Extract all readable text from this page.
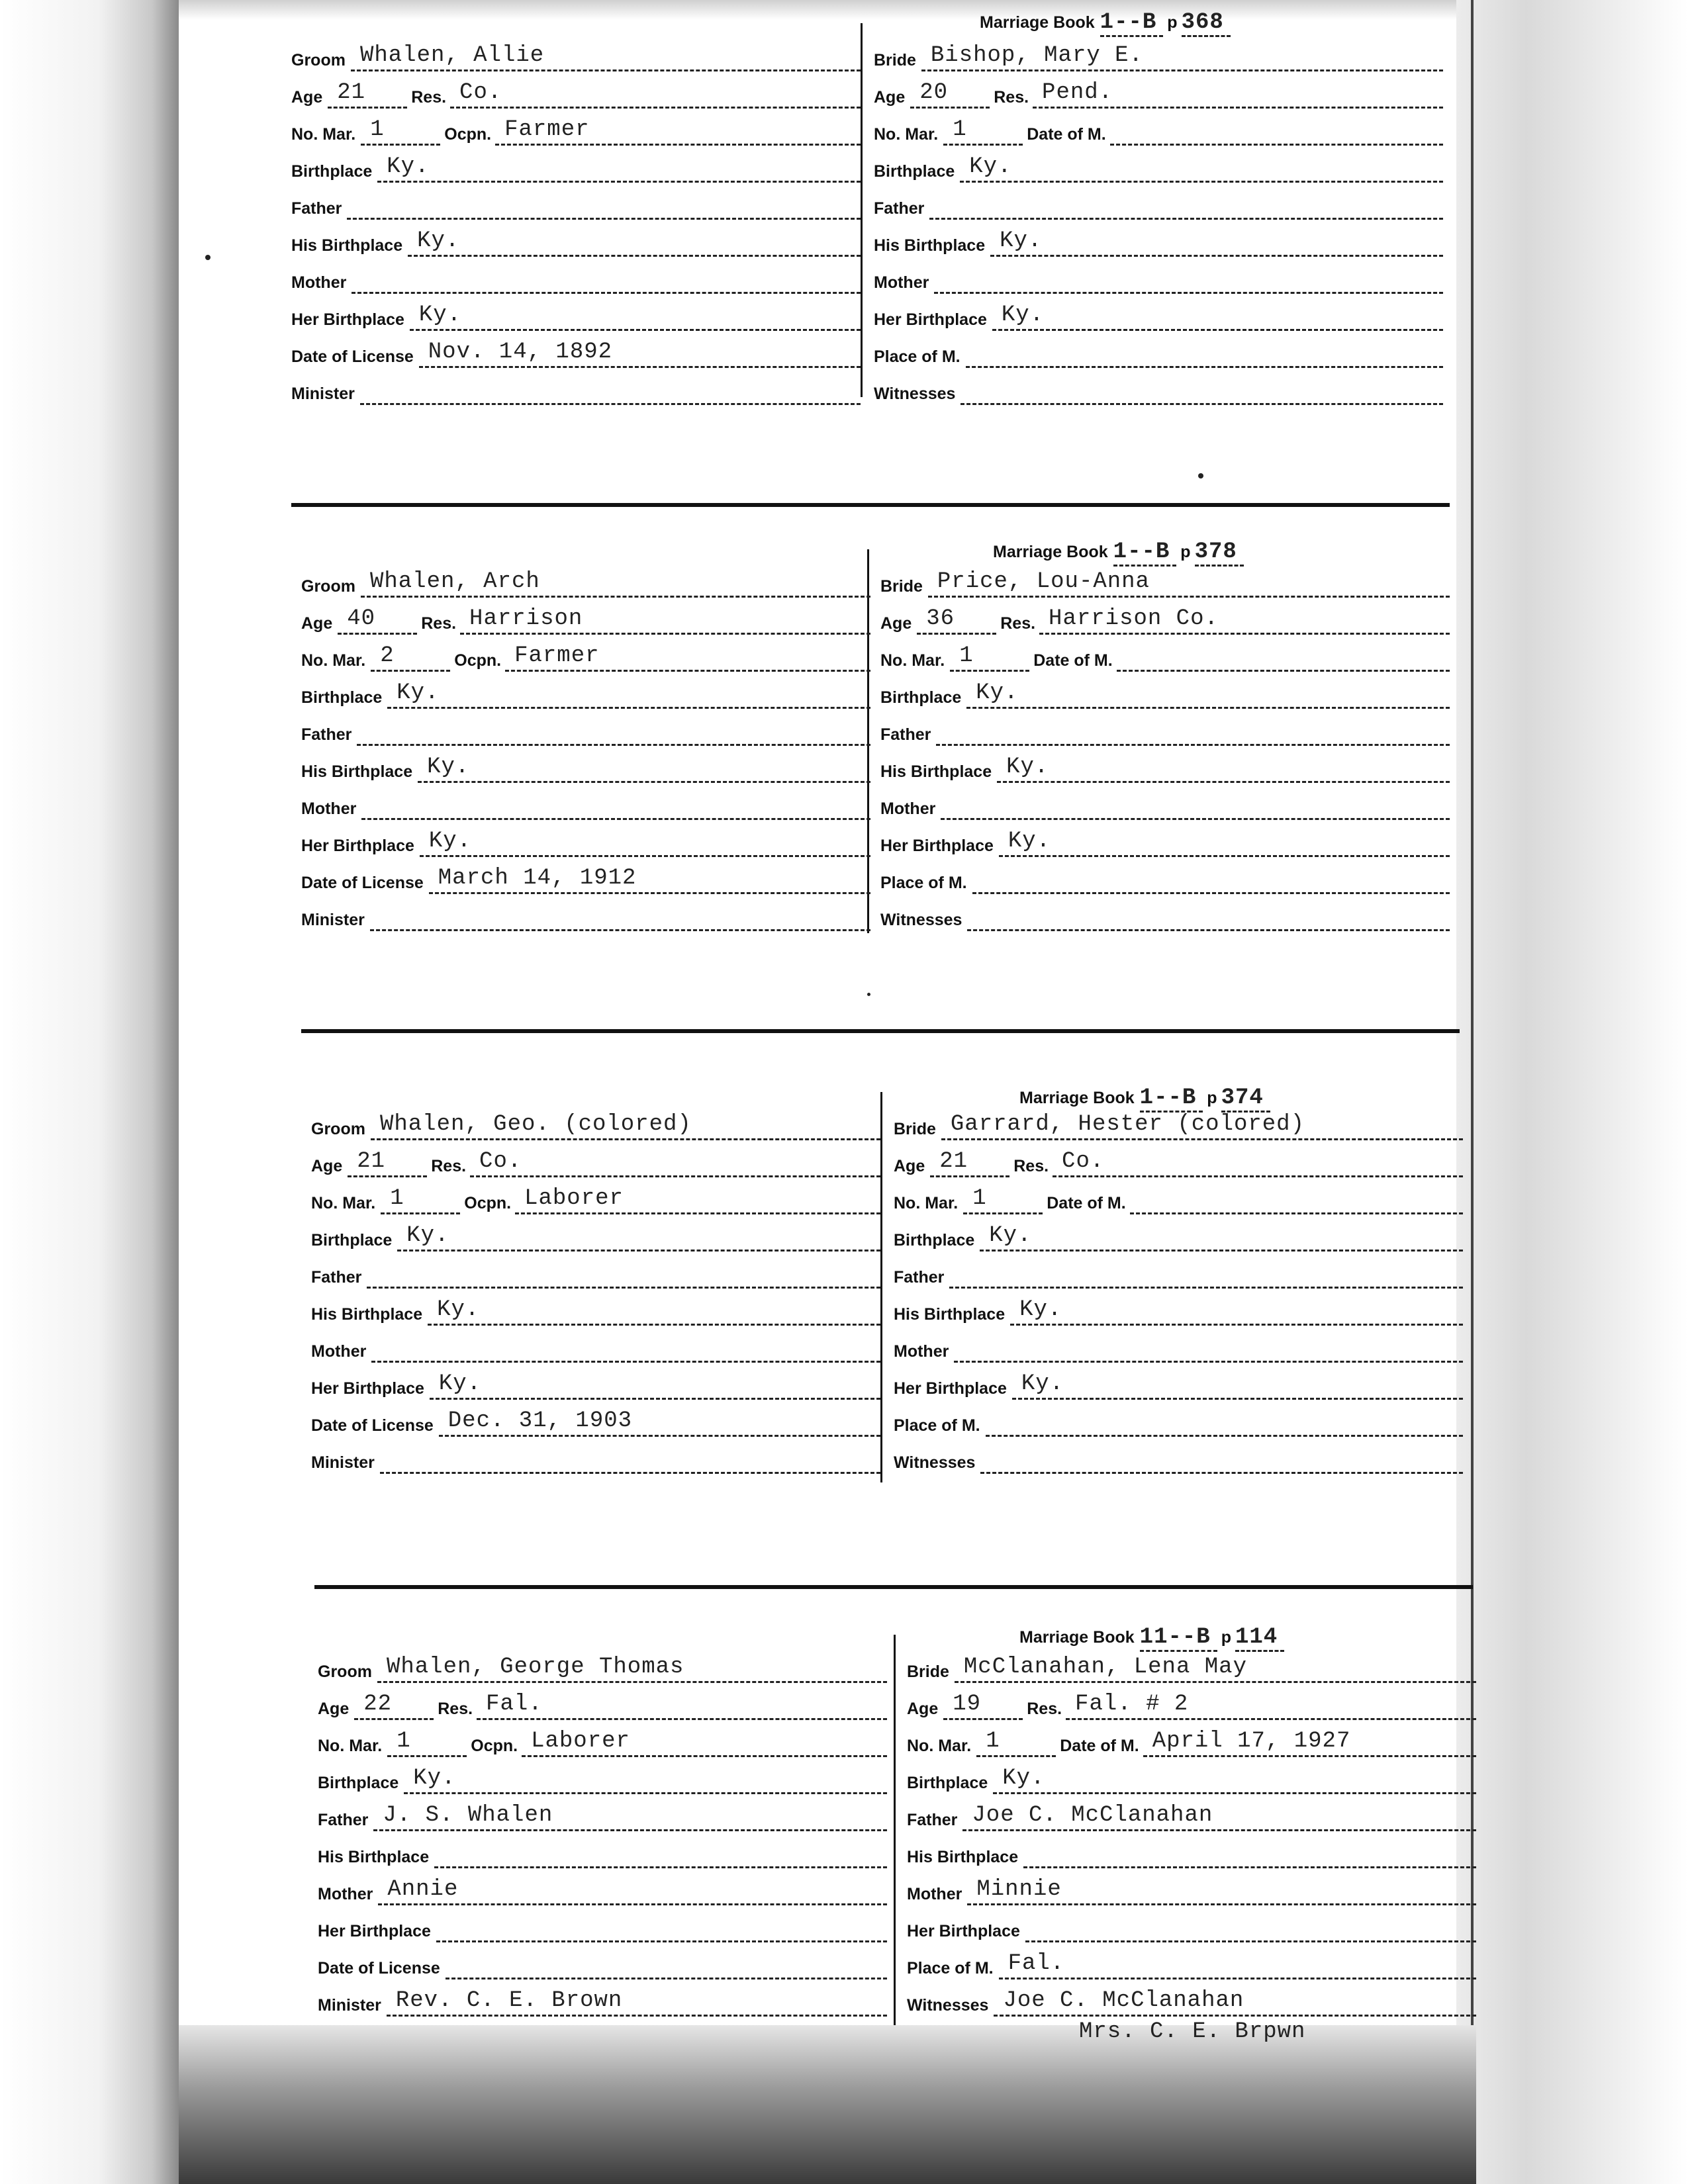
Marriage Book 1--B p 368
Groom Whalen, Allie
Age 21	Res. Co.
No. Mar. 1	Ocpn. Farmer
Birthplace Ky.
Father
His Birthplace Ky.
Mother
Her Birthplace Ky.
Date of License Nov. 14, 1892
Minister
Bride Bishop, Mary E.
Age 20	Res. Pend.
No. Mar. 1	Date of M.
Birthplace Ky.
Father
His Birthplace Ky.
Mother
Her Birthplace Ky.
Place of M.
Witnesses
Marriage Book 1--B p 378
Groom Whalen, Arch
Age 40	Res. Harrison
No. Mar. 2	Ocpn. Farmer
Birthplace Ky.
Father
His Birthplace Ky.
Mother
Her Birthplace Ky.
Date of License March 14, 1912
Minister
Bride Price, Lou-Anna
Age 36	Res. Harrison Co.
No. Mar. 1	Date of M.
Birthplace Ky.
Father
His Birthplace Ky.
Mother
Her Birthplace Ky.
Place of M.
Witnesses
Marriage Book 1--B p 374
Groom Whalen, Geo. (colored)
Age 21	Res. Co.
No. Mar. 1	Ocpn. Laborer
Birthplace Ky.
Father
His Birthplace Ky.
Mother
Her Birthplace Ky.
Date of License Dec. 31, 1903
Minister
Bride Garrard, Hester (colored)
Age 21	Res. Co.
No. Mar. 1	Date of M.
Birthplace Ky.
Father
His Birthplace Ky.
Mother
Her Birthplace Ky.
Place of M.
Witnesses
Marriage Book 11--B p 114
Groom Whalen, George Thomas
Age 22	Res. Fal.
No. Mar. 1	Ocpn. Laborer
Birthplace Ky.
Father J. S. Whalen
His Birthplace
Mother Annie
Her Birthplace
Date of License
Minister Rev. C. E. Brown
Bride McClanahan, Lena May
Age 19	Res. Fal. # 2
No. Mar. 1	Date of M. April 17, 1927
Birthplace Ky.
Father Joe C. McClanahan
His Birthplace
Mother Minnie
Her Birthplace
Place of M. Fal.
Witnesses Joe C. McClanahan
Mrs. C. E. Brpwn
